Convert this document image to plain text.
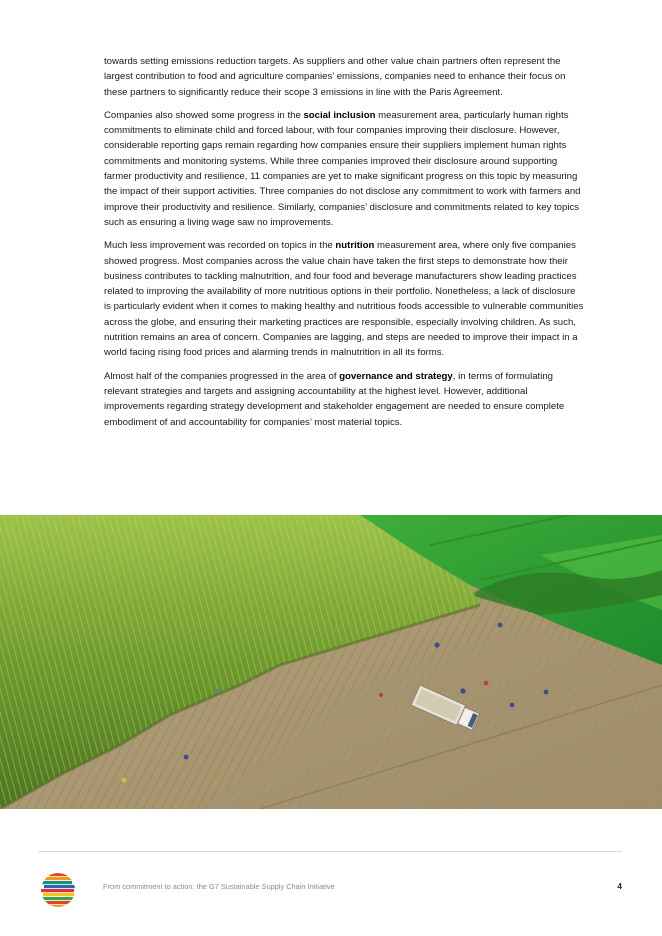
towards setting emissions reduction targets. As suppliers and other value chain partners often represent the largest contribution to food and agriculture companies’ emissions, companies need to enhance their focus on these partners to significantly reduce their scope 3 emissions in line with the Paris Agreement.

Companies also showed some progress in the social inclusion measurement area, particularly human rights commitments to eliminate child and forced labour, with four companies improving their disclosure. However, considerable reporting gaps remain regarding how companies ensure their suppliers implement human rights commitments and monitoring systems. While three companies improved their disclosure around supporting farmer productivity and resilience, 11 companies are yet to make significant progress on this topic by measuring the impact of their support activities. Three companies do not disclose any commitment to work with farmers and improve their productivity and resilience. Similarly, companies’ disclosure and commitments related to key topics such as ensuring a living wage saw no improvements.

Much less improvement was recorded on topics in the nutrition measurement area, where only five companies showed progress. Most companies across the value chain have taken the first steps to demonstrate how their business contributes to tackling malnutrition, and four food and beverage manufacturers show leading practices related to improving the availability of more nutritious options in their portfolio. Nonetheless, a lack of disclosure is particularly evident when it comes to making healthy and nutritious foods accessible to vulnerable communities across the globe, and ensuring their marketing practices are responsible, especially involving children. As such, nutrition remains an area of concern. Companies are lagging, and steps are needed to improve their impact in a world facing rising food prices and alarming trends in malnutrition in all its forms.

Almost half of the companies progressed in the area of governance and strategy, in terms of formulating relevant strategies and targets and assigning accountability at the highest level. However, additional improvements regarding strategy development and stakeholder engagement are needed to ensure complete embodiment of and accountability for companies’ most material topics.

From commitment to action: the G7 Sustainable Supply Chain Initiative	4
